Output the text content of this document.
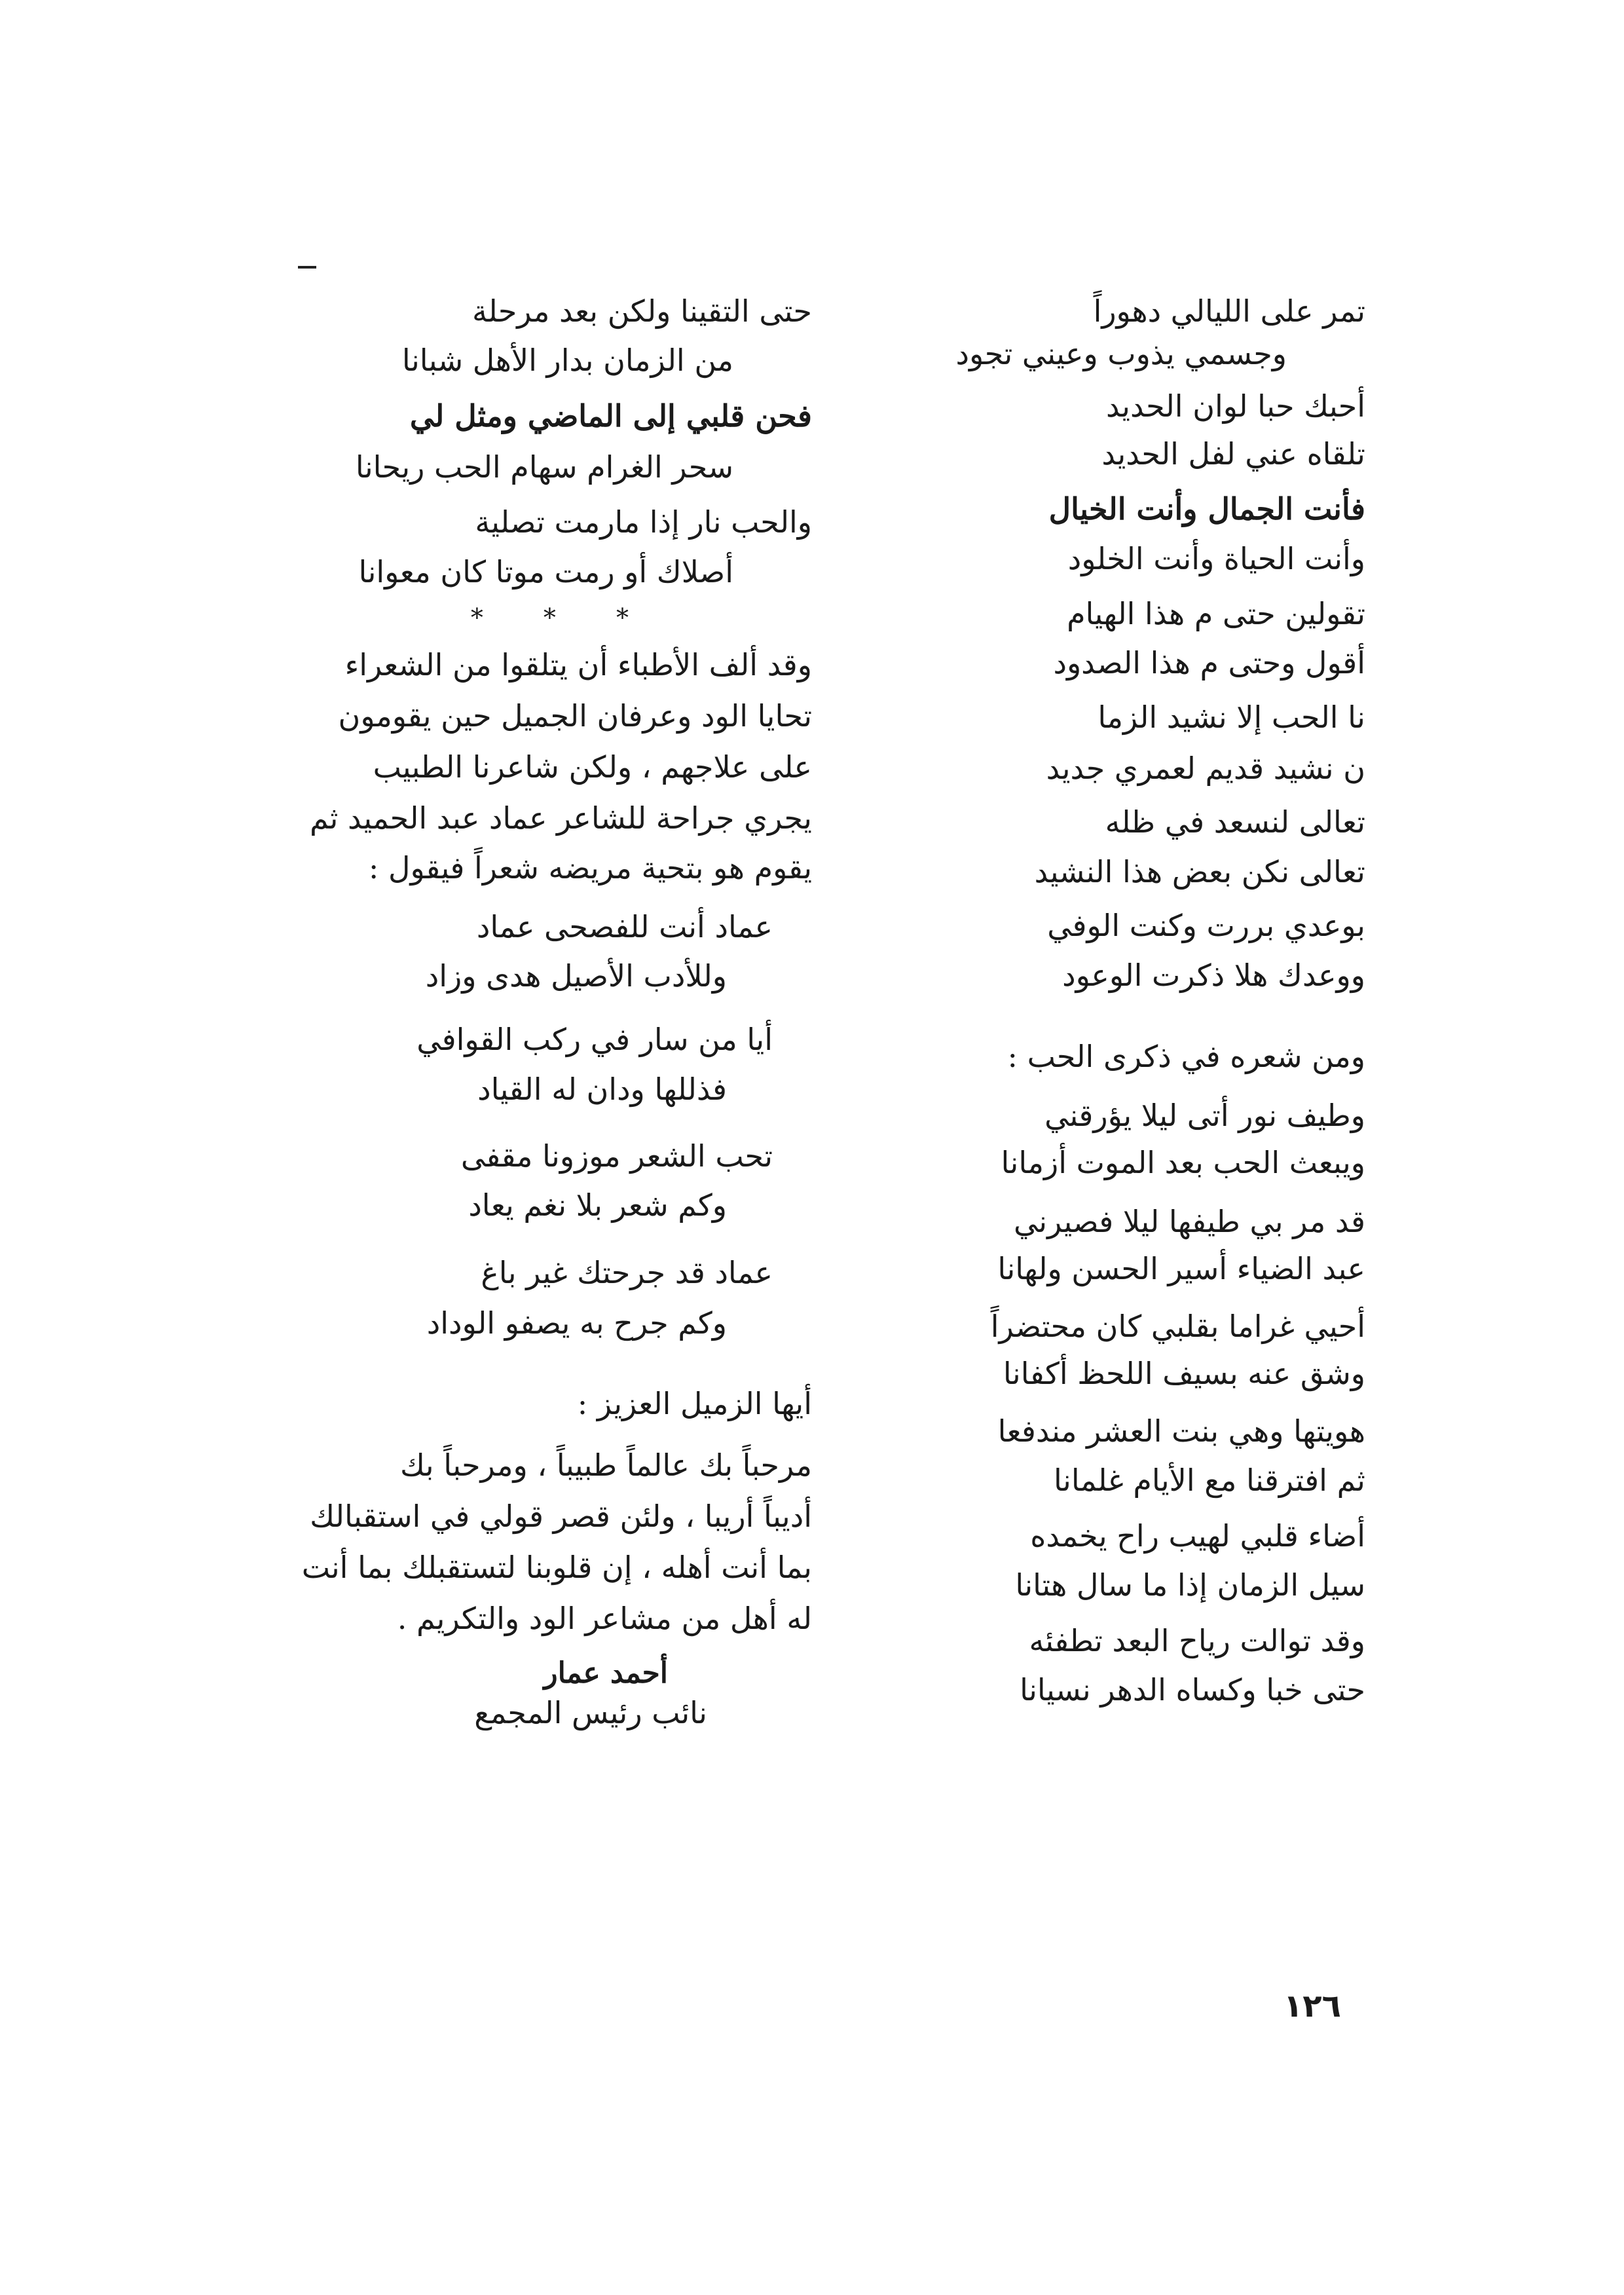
تمر على الليالي دهوراً
وجسمي يذوب وعيني تجود
أحبك حبا لوان الحديد
تلقاه عني لفل الحديد
فأنت الجمال وأنت الخيال
وأنت الحياة وأنت الخلود
تقولين حتى م هذا الهيام
أقول وحتى م هذا الصدود
نا الحب إلا نشيد الزما
ن نشيد قديم لعمري جديد
تعالى لنسعد في ظله
تعالى نكن بعض هذا النشيد
بوعدي بررت وكنت الوفي
ووعدك هلا ذكرت الوعود
ومن شعره في ذكرى الحب :
وطيف نور أتى ليلا يؤرقني
ويبعث الحب بعد الموت أزمانا
قد مر بي طيفها ليلا فصيرني
عبد الضياء أسير الحسن ولهانا
أحيي غراما بقلبي كان محتضراً
وشق عنه بسيف اللحظ أكفانا
هويتها وهي بنت العشر مندفعا
ثم افترقنا مع الأيام غلمانا
أضاء قلبي لهيب راح يخمده
سيل الزمان إذا ما سال هتانا
وقد توالت رياح البعد تطفئه
حتى خبا وكساه الدهر نسيانا
حتى التقينا ولكن بعد مرحلة
من الزمان بدار الأهل شبانا
فحن قلبي إلى الماضي ومثل لي
سحر الغرام سهام الحب ريحانا
والحب نار إذا مارمت تصلية
أصلاك أو رمت موتا كان معوانا
* * *
وقد ألف الأطباء أن يتلقوا من الشعراء
تحايا الود وعرفان الجميل حين يقومون
على علاجهم ، ولكن شاعرنا الطبيب
يجري جراحة للشاعر عماد عبد الحميد ثم
يقوم هو بتحية مريضه شعراً فيقول :
عماد أنت للفصحى عماد
وللأدب الأصيل هدى وزاد
أيا من سار في ركب القوافي
فذللها ودان له القياد
تحب الشعر موزونا مقفى
وكم شعر بلا نغم يعاد
عماد قد جرحتك غير باغ
وكم جرح به يصفو الوداد
أيها الزميل العزيز :
مرحباً بك عالماً طبيباً ، ومرحباً بك
أديباً أريبا ، ولئن قصر قولي في استقبالك
بما أنت أهله ، إن قلوبنا لتستقبلك بما أنت
له أهل من مشاعر الود والتكريم .
أحمد عمار
نائب رئيس المجمع
١٢٦
